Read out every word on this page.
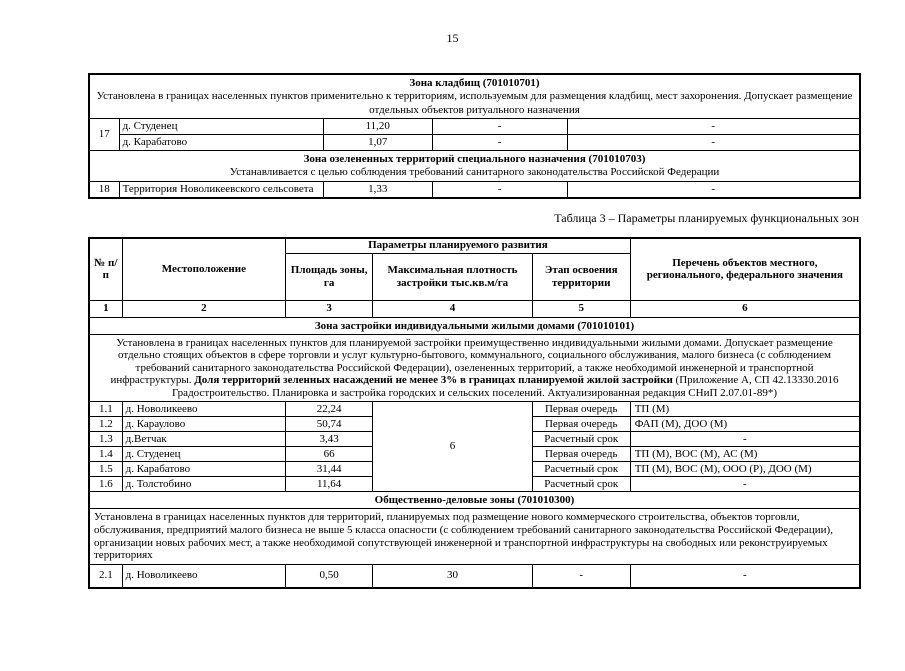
15
Зона кладбищ (701010701)
Установлена в границах населенных пунктов применительно к территориям, используемым для размещения кладбищ, мест захоронения. Допускает размещение отдельных объектов ритуального назначения				

17	д. Студенец	11,20	-	-
	д. Карабатово	1,07	-	-

Зона озелененных территорий специального назначения (701010703)
Устанавливается с целью соблюдения требований санитарного законодательства Российской Федерации				

18	Территория Новоликеевского сельсовета	1,33	-	-
Таблица 3 – Параметры планируемых функциональных зон
№ п/п	Местоположение	Параметры планируемого развития			Перечень объектов местного, регионального, федерального значения
		Площадь зоны, га	Максимальная плотность застройки тыс.кв.м/га	Этап освоения территории	
1	2	3	4	5	6
Зона застройки индивидуальными жилыми домами (701010101)					
Установлена в границах населенных пунктов для планируемой застройки преимущественно индивидуальными жилыми домами. Допускает размещение отдельно стоящих объектов в сфере торговли и услуг культурно-бытового, коммунального, социального обслуживания, малого бизнеса (с соблюдением требований санитарного законодательства Российской Федерации), озелененных территорий, а также необходимой инженерной и транспортной инфраструктуры. Доля территорий зеленных насаждений не менее 3% в границах планируемой жилой застройки (Приложение А, СП 42.13330.2016 Градостроительство. Планировка и застройка городских и сельских поселений. Актуализированная редакция СНиП 2.07.01-89*)					
1.1	д. Новоликеево	22,24	6	Первая очередь	ТП (М)
1.2	д. Караулово	50,74		Первая очередь	ФАП (М), ДОО (М)
1.3	д.Ветчак	3,43		Расчетный срок	-
1.4	д. Студенец	66		Первая очередь	ТП (М), ВОС (М), АС (М)
1.5	д. Карабатово	31,44		Расчетный срок	ТП (М), ВОС (М), ООО (Р), ДОО (М)
1.6	д. Толстобино	11,64		Расчетный срок	-
Общественно-деловые зоны (701010300)					
Установлена в границах населенных пунктов для территорий, планируемых под размещение нового коммерческого строительства, объектов торговли, обслуживания, предприятий малого бизнеса не выше 5 класса опасности (с соблюдением требований санитарного законодательства Российской Федерации), организации новых рабочих мест, а также необходимой сопутствующей инженерной и транспортной инфраструктуры на свободных или реконструируемых территориях					
2.1	д. Новоликеево	0,50	30	-	-
